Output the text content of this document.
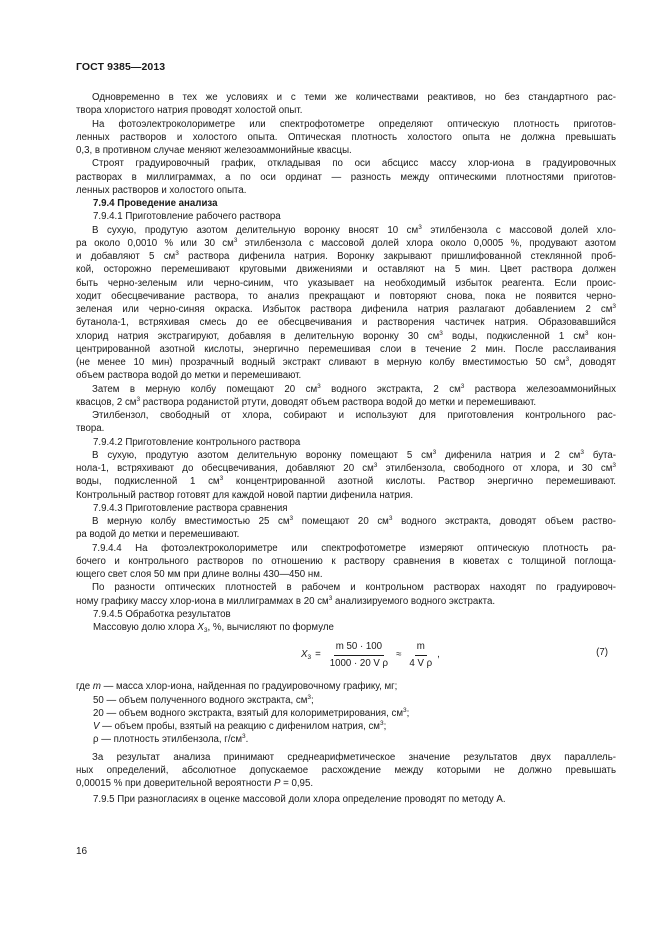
ГОСТ 9385—2013
Одновременно в тех же условиях и с теми же количествами реактивов, но без стандартного рас-
твора хлористого натрия проводят холостой опыт.
На фотоэлектроколориметре или спектрофотометре определяют оптическую плотность приготов-
ленных растворов и холостого опыта. Оптическая плотность холостого опыта не должна превышать
0,3, в противном случае меняют железоаммонийные квасцы.
Строят градуировочный график, откладывая по оси абсцисс массу хлор-иона в градуировочных
растворах в миллиграммах, а по оси ординат — разность между оптическими плотностями приготов-
ленных растворов и холостого опыта.
7.9.4 Проведение анализа
7.9.4.1 Приготовление рабочего раствора
В сухую, продутую азотом делительную воронку вносят 10 $см^3$ этилбензола с массовой долей хло-
ра около 0,0010 % или 30 $см^3$ этилбензола с массовой долей хлора около 0,0005 %, продувают азотом
и добавляют 5 $см^3$ раствора дифенила натрия. Воронку закрывают пришлифованной стеклянной проб-
кой, осторожно перемешивают круговыми движениями и оставляют на 5 мин. Цвет раствора должен
быть черно-зеленым или черно-синим, что указывает на необходимый избыток реагента. Если проис-
ходит обесцвечивание раствора, то анализ прекращают и повторяют снова, пока не появится черно-
зеленая или черно-синяя окраска. Избыток раствора дифенила натрия разлагают добавлением 2 $см^3$
бутанола-1, встряхивая смесь до ее обесцвечивания и растворения частичек натрия. Образовавшийся
хлорид натрия экстрагируют, добавляя в делительную воронку 30 $см^3$ воды, подкисленной 1 $см^3$ кон-
центрированной азотной кислоты, энергично перемешивая слои в течение 2 мин. После расслаивания
(не менее 10 мин) прозрачный водный экстракт сливают в мерную колбу вместимостью 50 $см^3$, доводят
объем раствора водой до метки и перемешивают.
Затем в мерную колбу помещают 20 $см^3$ водного экстракта, 2 $см^3$ раствора железоаммонийных
квасцов, 2 $см^3$ раствора роданистой ртути, доводят объем раствора водой до метки и перемешивают.
Этилбензол, свободный от хлора, собирают и используют для приготовления контрольного рас-
твора.
7.9.4.2 Приготовление контрольного раствора
В сухую, продутую азотом делительную воронку помещают 5 $см^3$ дифенила натрия и 2 $см^3$ бута-
нола-1, встряхивают до обесцвечивания, добавляют 20 $см^3$ этилбензола, свободного от хлора, и 30 $см^3$
воды, подкисленной 1 $см^3$ концентрированной азотной кислоты. Раствор энергично перемешивают.
Контрольный раствор готовят для каждой новой партии дифенила натрия.
7.9.4.3 Приготовление раствора сравнения
В мерную колбу вместимостью 25 $см^3$ помещают 20 $см^3$ водного экстракта, доводят объем раство-
ра водой до метки и перемешивают.
7.9.4.4 На фотоэлектроколориметре или спектрофотометре измеряют оптическую плотность ра-
бочего и контрольного растворов по отношению к раствору сравнения в кюветах с толщиной поглоща-
ющего свет слоя 50 мм при длине волны 430—450 нм.
По разности оптических плотностей в рабочем и контрольном растворах находят по градуировоч-
ному графику массу хлор-иона в миллиграммах в 20 $см^3$ анализируемого водного экстракта.
7.9.4.5 Обработка результатов
Массовую долю хлора $X_3$, %, вычисляют по формуле
$X_3 = \frac{m 50 \cdot 100}{\text{1000 · 20 V ρ}} \approx \frac{m}{\text{4 V ρ}}$ ,	(7)
где m — масса хлор-иона, найденная по градуировочному графику, мг;
50 — объем полученного водного экстракта, $см^3$;
20 — объем водного экстракта, взятый для колориметрирования, $см^3$;
V — объем пробы, взятый на реакцию с дифенилом натрия, $см^3$;
ρ — плотность этилбензола, $г/см^3$.
За результат анализа принимают среднеарифметическое значение результатов двух параллель-
ных определений, абсолютное допускаемое расхождение между которыми не должно превышать
0,00015 % при доверительной вероятности P = 0,95.
7.9.5 При разногласиях в оценке массовой доли хлора определение проводят по методу А.
16
